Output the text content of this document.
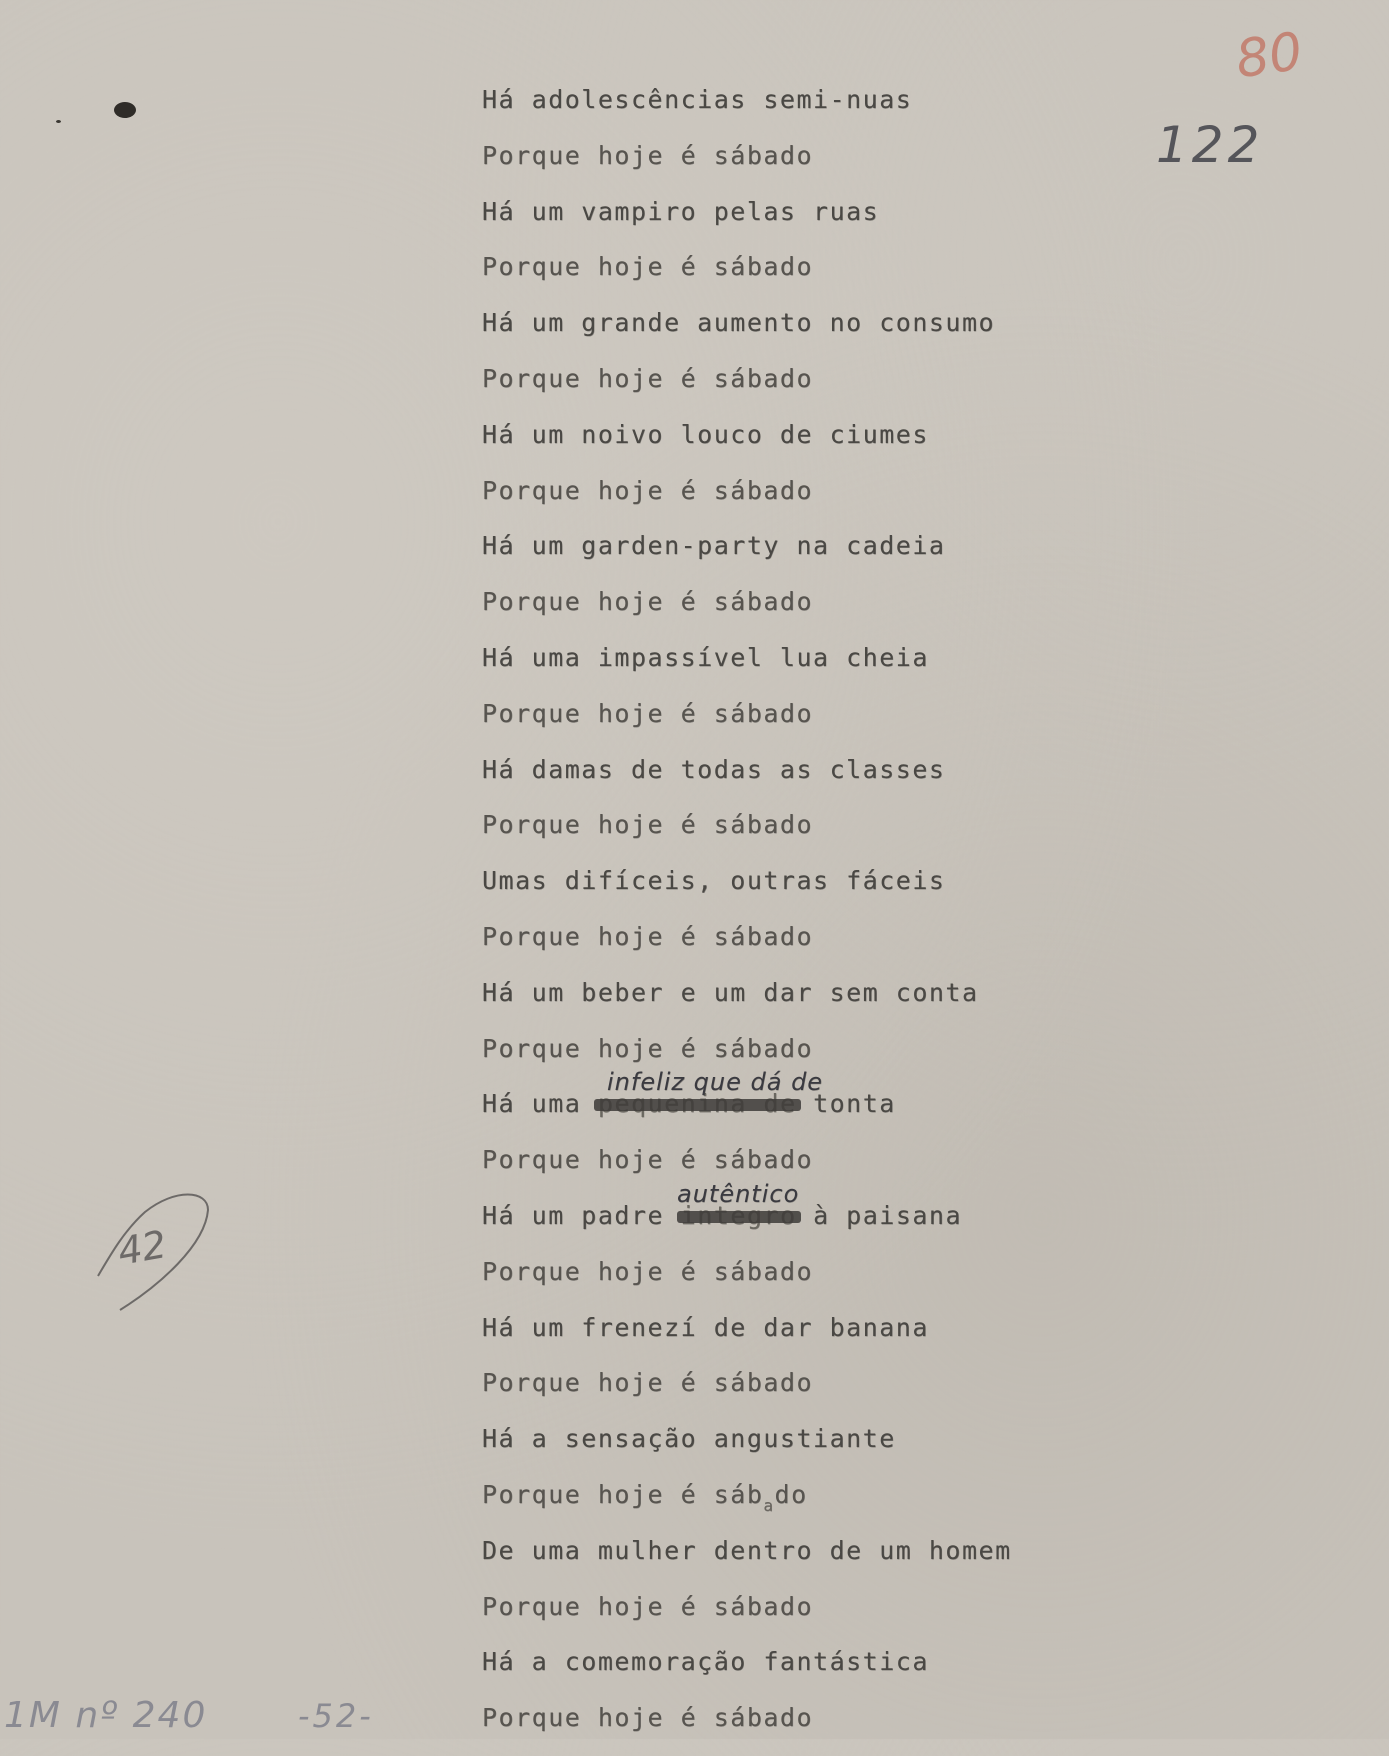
80
122
42
1M nº 240	-52-
Há adolescências semi-nuas
Porque hoje é sábado
Há um vampiro pelas ruas
Porque hoje é sábado
Há um grande aumento no consumo
Porque hoje é sábado
Há um noivo louco de ciumes
Porque hoje é sábado
Há um garden-party na cadeia
Porque hoje é sábado
Há uma impassível lua cheia
Porque hoje é sábado
Há damas de todas as classes
Porque hoje é sábado
Umas difíceis, outras fáceis
Porque hoje é sábado
Há um beber e um dar sem conta
Porque hoje é sábado
Há uma	tonta
infeliz que dá de
Porque hoje é sábado
Há um padre	à paisana
autêntico
Porque hoje é sábado
Há um frenezí de dar banana
Porque hoje é sábado
Há a sensação angustiante
Porque hoje é sáb$_a$do
De uma mulher dentro de um homem
Porque hoje é sábado
Há a comemoração fantástica
Porque hoje é sábado
